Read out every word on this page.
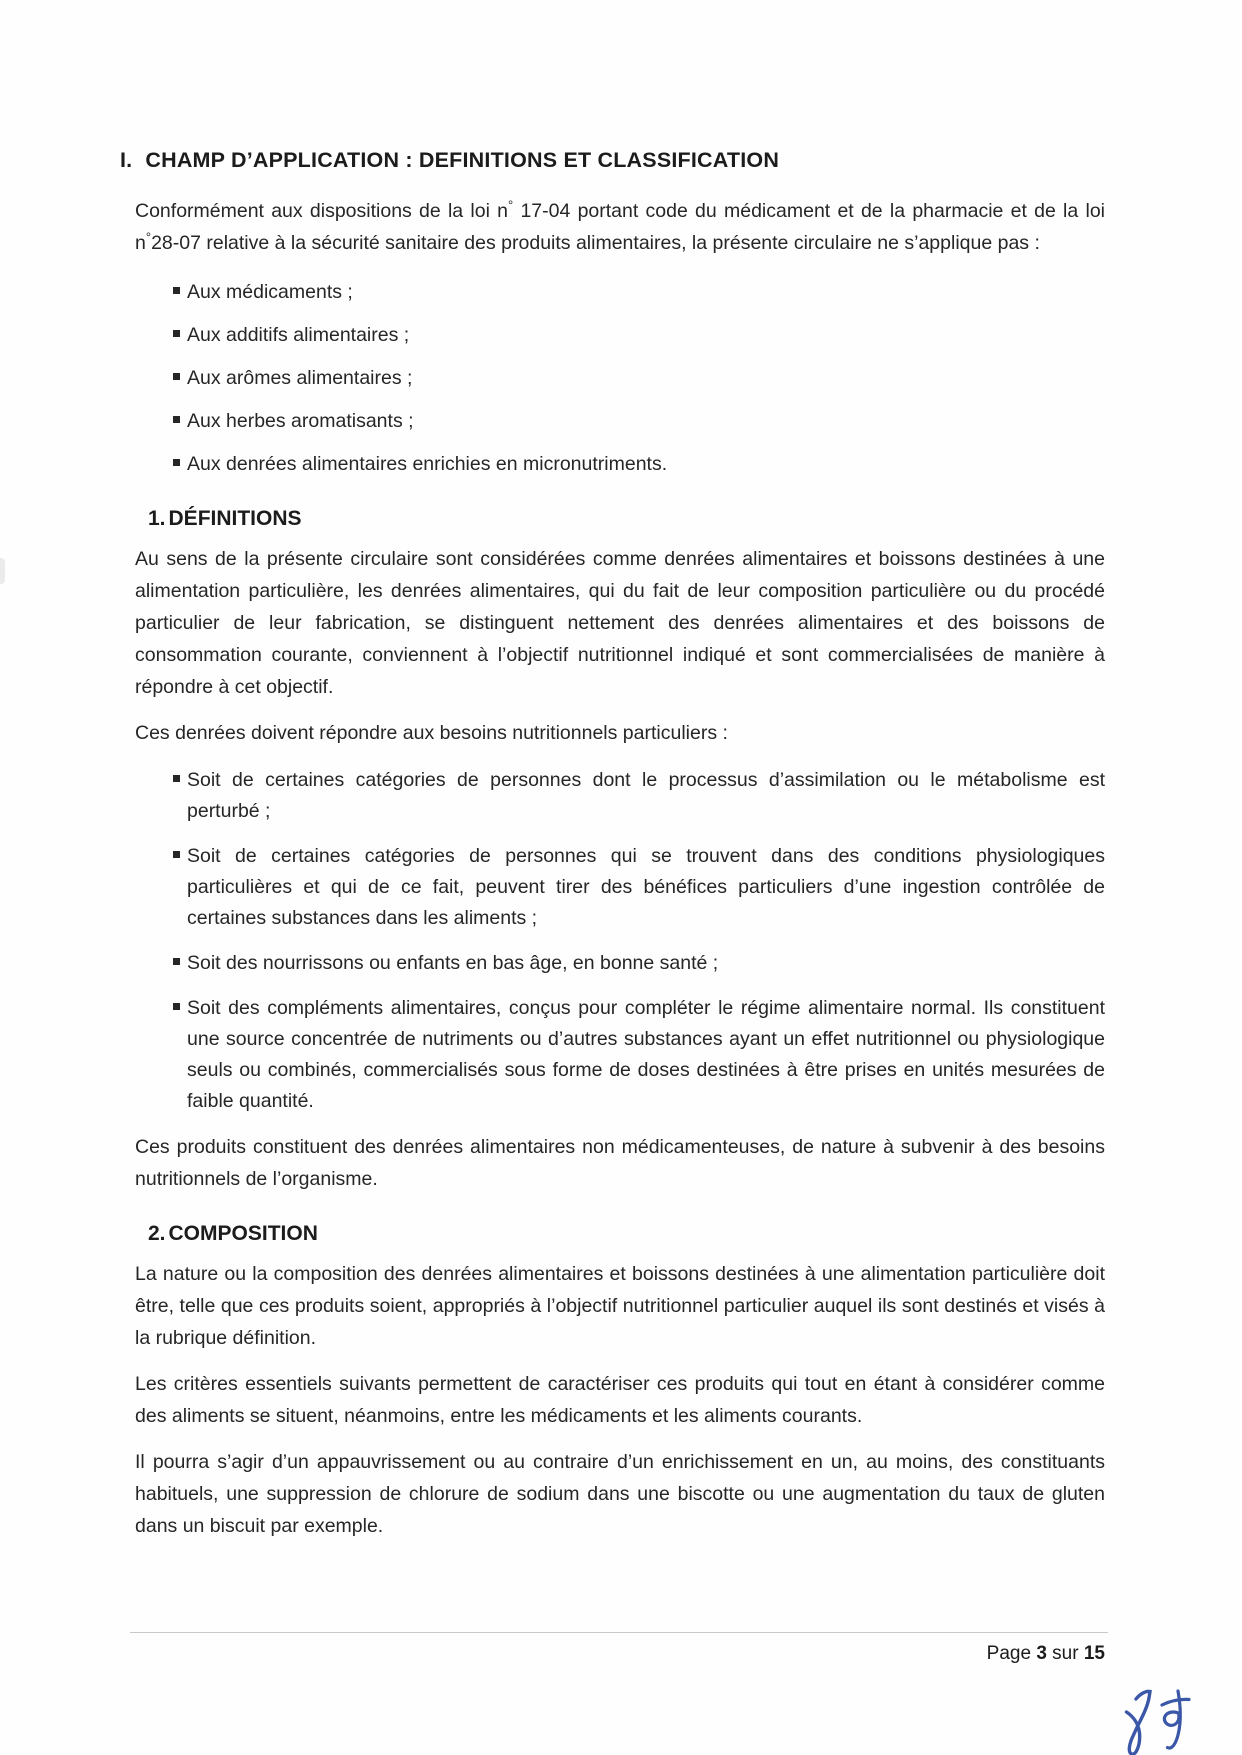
I. CHAMP D’APPLICATION : DEFINITIONS ET CLASSIFICATION

Conformément aux dispositions de la loi n° 17-04 portant code du médicament et de la pharmacie et de la loi n°28-07 relative à la sécurité sanitaire des produits alimentaires, la présente circulaire ne s’applique pas :

Aux médicaments ;
Aux additifs alimentaires ;
Aux arômes alimentaires ;
Aux herbes aromatisants ;
Aux denrées alimentaires enrichies en micronutriments.
1. DÉFINITIONS

Au sens de la présente circulaire sont considérées comme denrées alimentaires et boissons destinées à une alimentation particulière, les denrées alimentaires, qui du fait de leur composition particulière ou du procédé particulier de leur fabrication, se distinguent nettement des denrées alimentaires et des boissons de consommation courante, conviennent à l’objectif nutritionnel indiqué et sont commercialisées de manière à répondre à cet objectif.

Ces denrées doivent répondre aux besoins nutritionnels particuliers :

Soit de certaines catégories de personnes dont le processus d’assimilation ou le métabolisme est perturbé ;
Soit de certaines catégories de personnes qui se trouvent dans des conditions physiologiques particulières et qui de ce fait, peuvent tirer des bénéfices particuliers d’une ingestion contrôlée de certaines substances dans les aliments ;
Soit des nourrissons ou enfants en bas âge, en bonne santé ;
Soit des compléments alimentaires, conçus pour compléter le régime alimentaire normal. Ils constituent une source concentrée de nutriments ou d’autres substances ayant un effet nutritionnel ou physiologique seuls ou combinés, commercialisés sous forme de doses destinées à être prises en unités mesurées de faible quantité.

Ces produits constituent des denrées alimentaires non médicamenteuses, de nature à subvenir à des besoins nutritionnels de l’organisme.

2. COMPOSITION

La nature ou la composition des denrées alimentaires et boissons destinées à une alimentation particulière doit être, telle que ces produits soient, appropriés à l’objectif nutritionnel particulier auquel ils sont destinés et visés à la rubrique définition.

Les critères essentiels suivants permettent de caractériser ces produits qui tout en étant à considérer comme des aliments se situent, néanmoins, entre les médicaments et les aliments courants.

Il pourra s’agir d’un appauvrissement ou au contraire d’un enrichissement en un, au moins, des constituants habituels, une suppression de chlorure de sodium dans une biscotte ou une augmentation du taux de gluten dans un biscuit par exemple.

Page 3 sur 15
